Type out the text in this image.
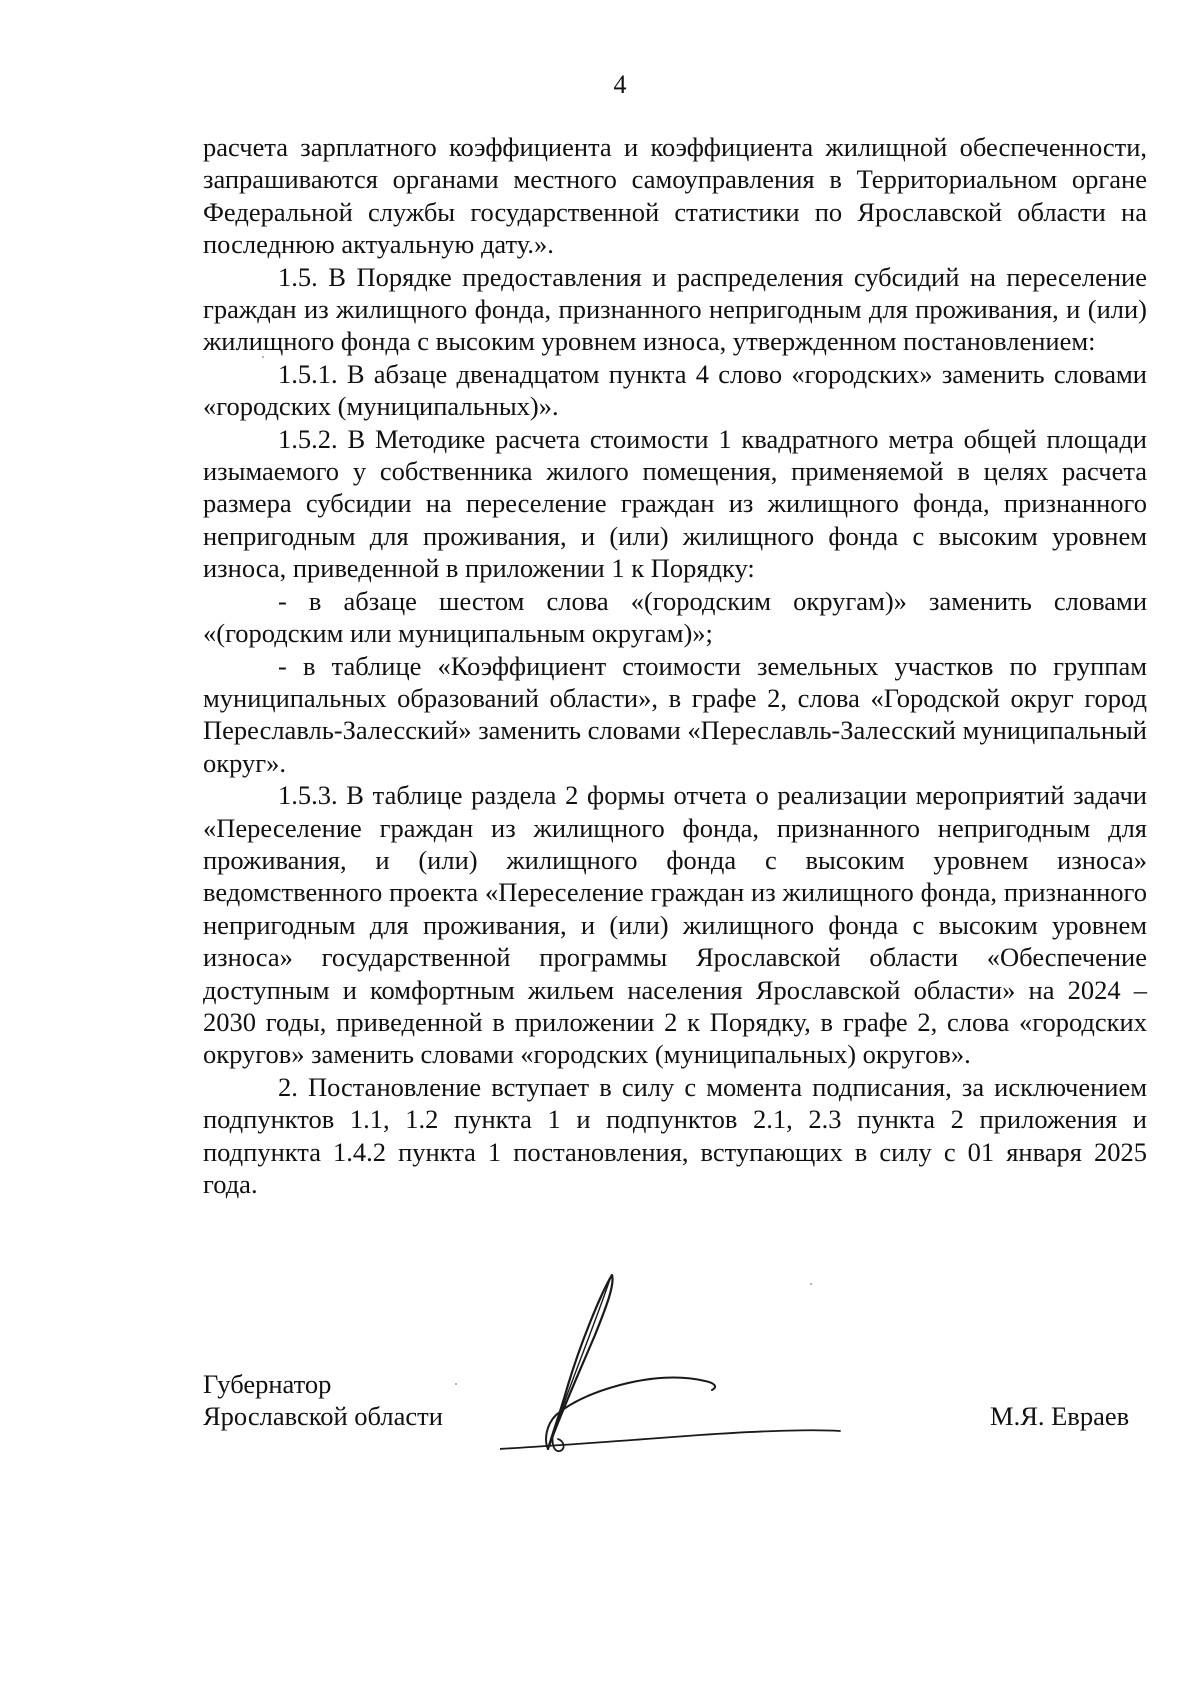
4

расчета зарплатного коэффициента и коэффициента жилищной обеспеченности, запрашиваются органами местного самоуправления в Территориальном органе Федеральной службы государственной статистики по Ярославской области на последнюю актуальную дату.».

1.5. В Порядке предоставления и распределения субсидий на переселение граждан из жилищного фонда, признанного непригодным для проживания, и (или) жилищного фонда с высоким уровнем износа, утвержденном постановлением:

1.5.1. В абзаце двенадцатом пункта 4 слово «городских» заменить словами «городских (муниципальных)».

1.5.2. В Методике расчета стоимости 1 квадратного метра общей площади изымаемого у собственника жилого помещения, применяемой в целях расчета размера субсидии на переселение граждан из жилищного фонда, признанного непригодным для проживания, и (или) жилищного фонда с высоким уровнем износа, приведенной в приложении 1 к Порядку:

- в абзаце шестом слова «(городским округам)» заменить словами «(городским или муниципальным округам)»;

- в таблице «Коэффициент стоимости земельных участков по группам муниципальных образований области», в графе 2, слова «Городской округ город Переславль-Залесский» заменить словами «Переславль-Залесский муниципальный округ».

1.5.3. В таблице раздела 2 формы отчета о реализации мероприятий задачи «Переселение граждан из жилищного фонда, признанного непригодным для проживания, и (или) жилищного фонда с высоким уровнем износа» ведомственного проекта «Переселение граждан из жилищного фонда, признанного непригодным для проживания, и (или) жилищного фонда с высоким уровнем износа» государственной программы Ярославской области «Обеспечение доступным и комфортным жильем населения Ярославской области» на 2024 – 2030 годы, приведенной в приложении 2 к Порядку, в графе 2, слова «городских округов» заменить словами «городских (муниципальных) округов».

2. Постановление вступает в силу с момента подписания, за исключением подпунктов 1.1, 1.2 пункта 1 и подпунктов 2.1, 2.3 пункта 2 приложения и подпункта 1.4.2 пункта 1 постановления, вступающих в силу с 01 января 2025 года.

Губернатор
Ярославской области	М.Я. Евраев
